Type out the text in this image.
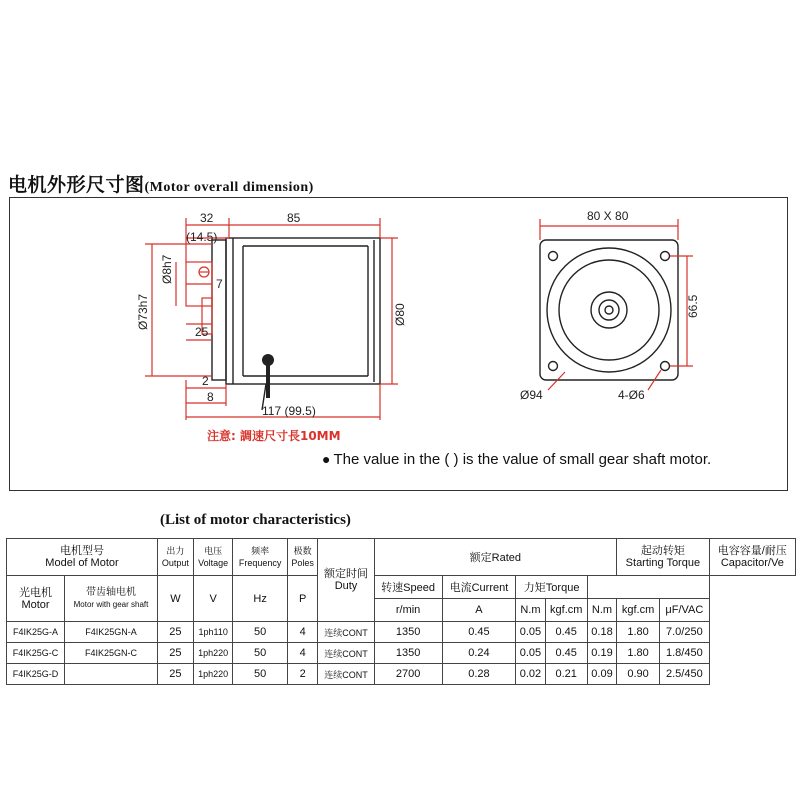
电机外形尺寸图(Motor overall dimension)
32	85
(14.5)
Ø8h7	7
Ø73h7
25
Ø80
2
8
117 (99.5)
80 X 80
66.5
Ø94	4-Ø6
注意: 調速尺寸長10MM
● The value in the ( ) is the value of small gear shaft motor.
(List of motor characteristics)
电机型号
Model of Motor		出力
Output	电压
Voltage	频率
Frequency	极数
Poles	额定时间
Duty	额定Rated					起动转矩
Starting Torque		电容容量/耐压
Capacitor/Ve
光电机
Motor	带齿轴电机
Motor with gear shaft	W	V	Hz	P		转速Speed	电流Current	力矩Torque					
							r/min	A	N.m	kgf.cm	N.m	kgf.cm	μF/VAC	
F4IK25G-A	F4IK25GN-A	25	1ph110	50	4	连续CONT	1350	0.45	0.05	0.45	0.18	1.80	7.0/250	
F4IK25G-C	F4IK25GN-C	25	1ph220	50	4	连续CONT	1350	0.24	0.05	0.45	0.19	1.80	1.8/450	
F4IK25G-D		25	1ph220	50	2	连续CONT	2700	0.28	0.02	0.21	0.09	0.90	2.5/450	
